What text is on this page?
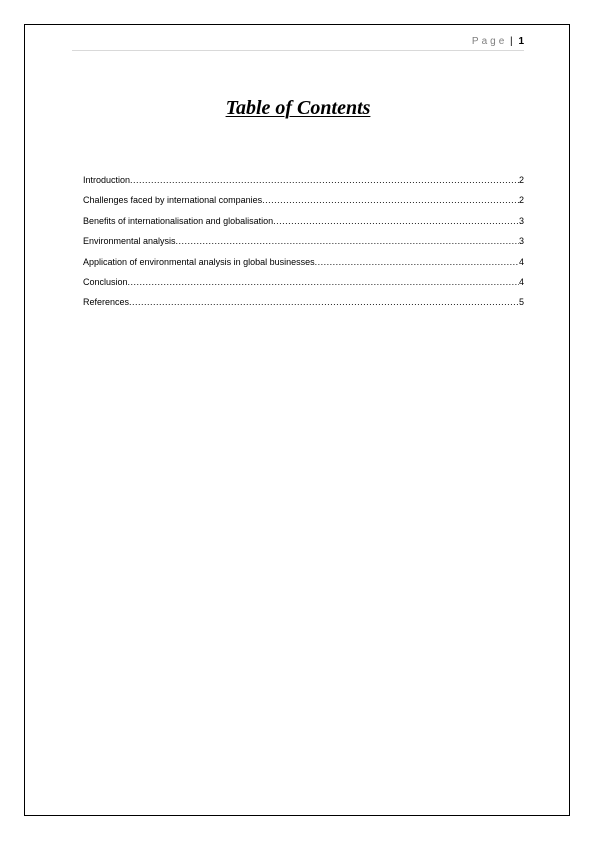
Page | 1
Table of Contents
Introduction .....	2
Challenges faced by international companies .....	2
Benefits of internationalisation and globalisation .....	3
Environmental analysis .....	3
Application of environmental analysis in global businesses .....	4
Conclusion .....	4
References .....	5
